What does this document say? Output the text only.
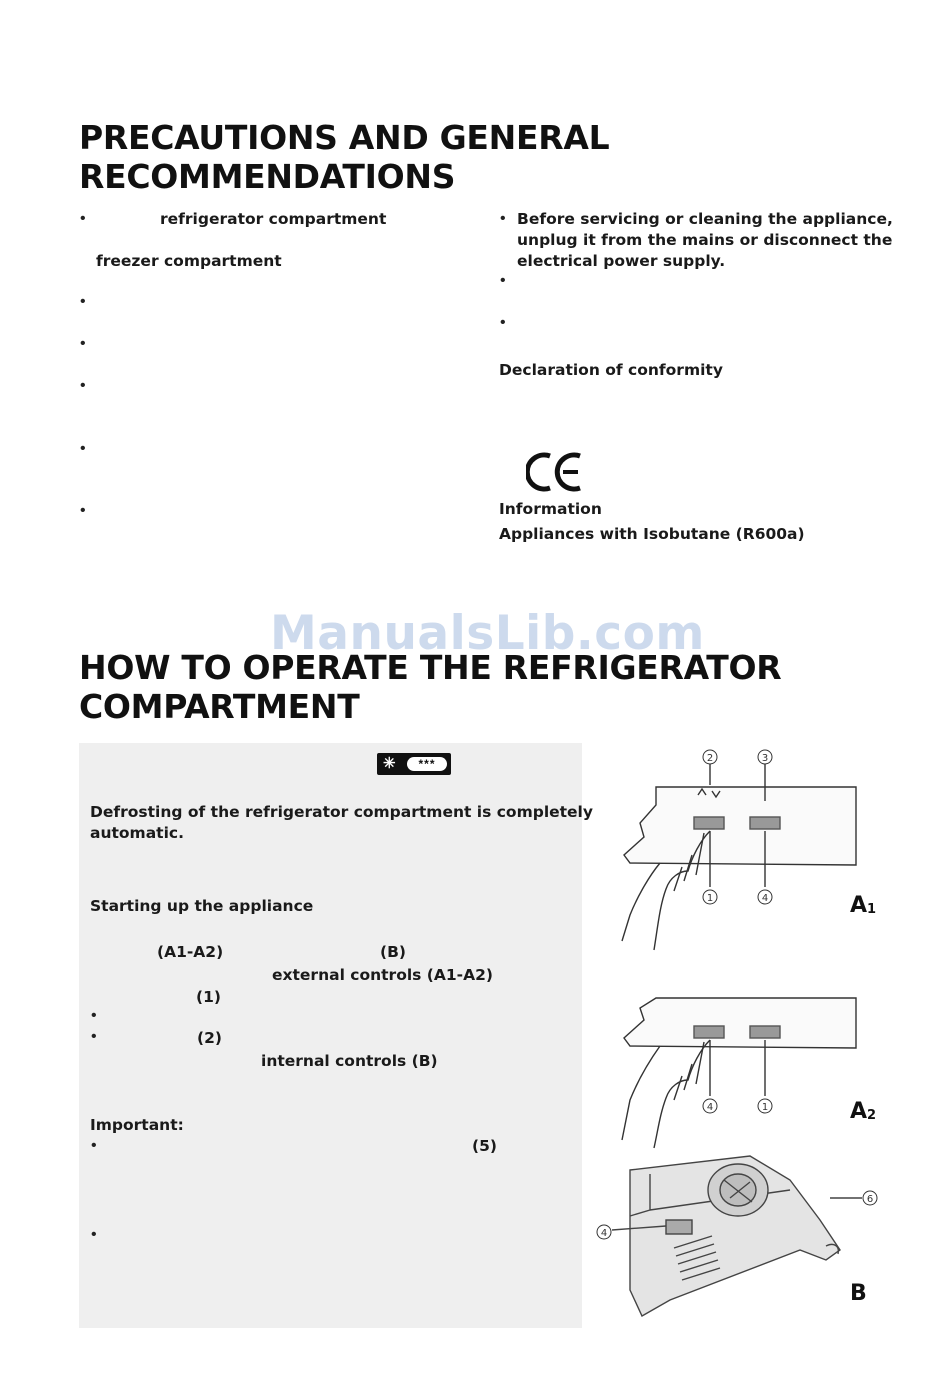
PRECAUTIONS AND GENERAL
RECOMMENDATIONS
•	refrigerator compartment
freezer compartment
•
•
•
•
•
• Before servicing or cleaning the appliance,
unplug it from the mains or disconnect the
electrical power supply.
•
•
Declaration of conformity
Information
Appliances with Isobutane (R600a)
ManualsLib.com
HOW TO OPERATE THE REFRIGERATOR
COMPARTMENT
✳	***
Defrosting of the refrigerator compartment is completely
automatic.
Starting up the appliance
(A1-A2)	(B)
external controls (A1-A2)
(1)
•
•	(2)
internal controls (B)
Important:
•	(5)
•
2	3
1	4	$A_1$
4	1	$A_2$
4
6
B
